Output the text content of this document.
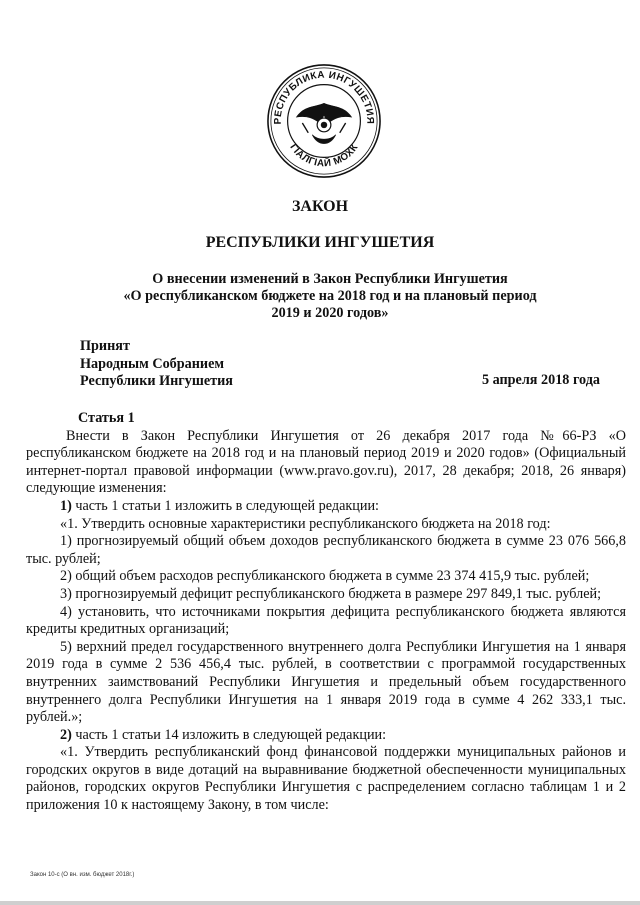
РЕСПУБЛИКА ИНГУШЕТИЯ
ГIАЛГIАЙ МОХК
ЗАКОН
РЕСПУБЛИКИ ИНГУШЕТИЯ
О внесении изменений в Закон Республики Ингушетия
«О республиканском бюджете на 2018 год и на плановый период
2019 и 2020 годов»
Принят
Народным Собранием
Республики Ингушетия	5 апреля 2018 года

Статья 1

Внести в Закон Республики Ингушетия от 26 декабря 2017 года №66-РЗ «О республиканском бюджете на 2018 год и на плановый период 2019 и 2020 годов» (Официальный интернет-портал правовой информации (www.pravo.gov.ru), 2017, 28 декабря; 2018, 26 января) следующие изменения:

1) часть 1 статьи 1 изложить в следующей редакции:

«1. Утвердить основные характеристики республиканского бюджета на 2018 год:

1) прогнозируемый общий объем доходов республиканского бюджета в сумме 23 076 566,8 тыс. рублей;

2) общий объем расходов республиканского бюджета в сумме 23 374 415,9 тыс. рублей;

3) прогнозируемый дефицит республиканского бюджета в размере 297 849,1 тыс. рублей;

4) установить, что источниками покрытия дефицита республиканского бюджета являются кредиты кредитных организаций;

5) верхний предел государственного внутреннего долга Республики Ингушетия на 1 января 2019 года в сумме 2 536 456,4 тыс. рублей, в соответствии с программой государственных внутренних заимствований Республики Ингушетия и предельный объем государственного внутреннего долга Республики Ингушетия на 1 января 2019 года в сумме 4 262 333,1 тыс. рублей.»;

2) часть 1 статьи 14 изложить в следующей редакции:

«1. Утвердить республиканский фонд финансовой поддержки муниципальных районов и городских округов в виде дотаций на выравнивание бюджетной обеспеченности муниципальных районов, городских округов Республики Ингушетия с распределением согласно таблицам 1 и 2 приложения 10 к настоящему Закону, в том числе:

Закон 10-с (О вн. изм. бюджет 2018г.)
